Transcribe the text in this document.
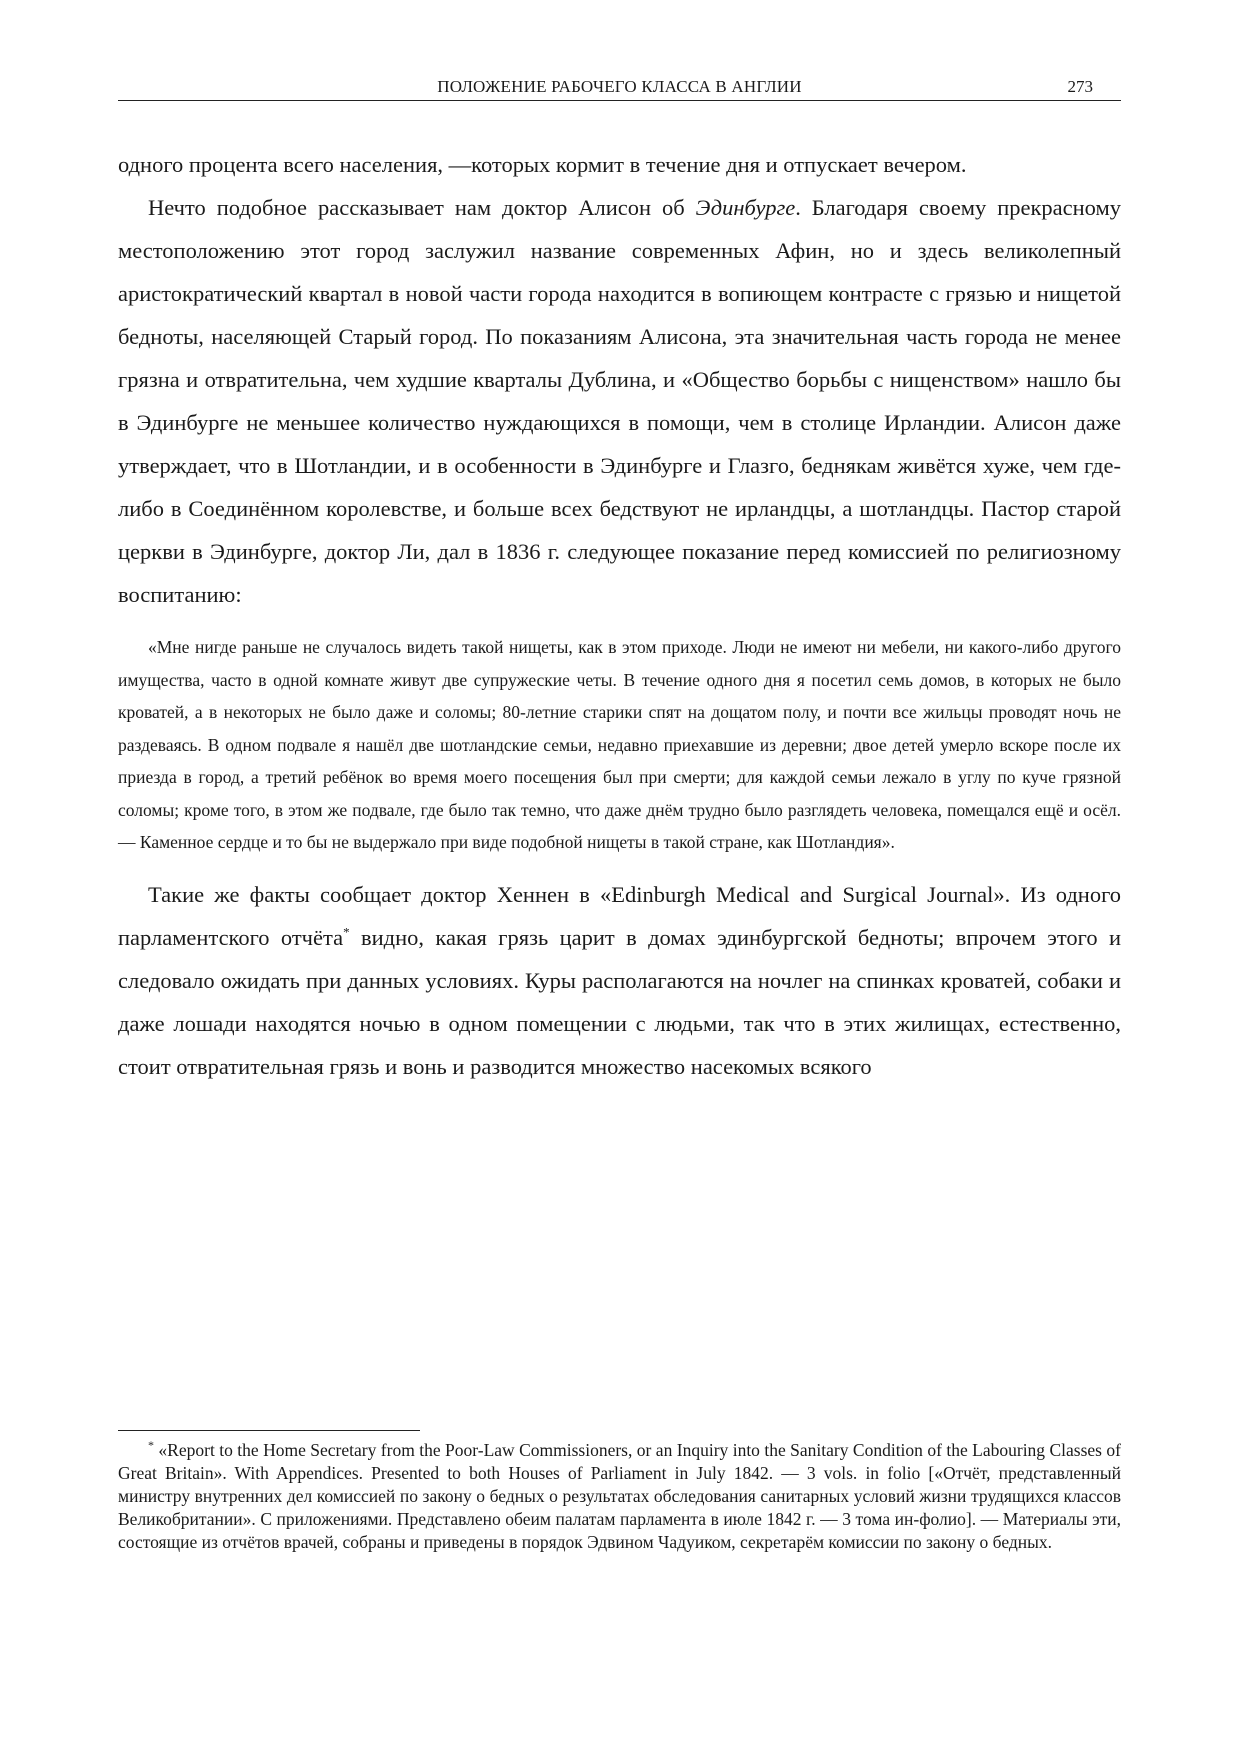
ПОЛОЖЕНИЕ РАБОЧЕГО КЛАССА В АНГЛИИ	273

одного процента всего населения, —которых кормит в течение дня и отпускает вечером.

Нечто подобное рассказывает нам доктор Алисон об Эдинбурге. Благодаря своему прекрасному местоположению этот город заслужил название современных Афин, но и здесь великолепный аристократический квартал в новой части города находится в вопиющем контрасте с грязью и нищетой бедноты, населяющей Старый город. По показаниям Алисона, эта значительная часть города не менее грязна и отвратительна, чем худшие кварталы Дублина, и «Общество борьбы с нищенством» нашло бы в Эдинбурге не меньшее количество нуждающихся в помощи, чем в столице Ирландии. Алисон даже утверждает, что в Шотландии, и в особенности в Эдинбурге и Глазго, беднякам живётся хуже, чем где-либо в Соединённом королевстве, и больше всех бедствуют не ирландцы, а шотландцы. Пастор старой церкви в Эдинбурге, доктор Ли, дал в 1836 г. следующее показание перед комиссией по религиозному воспитанию:

«Мне нигде раньше не случалось видеть такой нищеты, как в этом приходе. Люди не имеют ни мебели, ни какого-либо другого имущества, часто в одной комнате живут две супружеские четы. В течение одного дня я посетил семь домов, в которых не было кроватей, а в некоторых не было даже и соломы; 80-летние старики спят на дощатом полу, и почти все жильцы проводят ночь не раздеваясь. В одном подвале я нашёл две шотландские семьи, недавно приехавшие из деревни; двое детей умерло вскоре после их приезда в город, а третий ребёнок во время моего посещения был при смерти; для каждой семьи лежало в углу по куче грязной соломы; кроме того, в этом же подвале, где было так темно, что даже днём трудно было разглядеть человека, помещался ещё и осёл. — Каменное сердце и то бы не выдержало при виде подобной нищеты в такой стране, как Шотландия».

Такие же факты сообщает доктор Хеннен в «Edinburgh Medical and Surgical Journal». Из одного парламентского отчёта* видно, какая грязь царит в домах эдинбургской бедноты; впрочем этого и следовало ожидать при данных условиях. Куры располагаются на ночлег на спинках кроватей, собаки и даже лошади находятся ночью в одном помещении с людьми, так что в этих жилищах, естественно, стоит отвратительная грязь и вонь и разводится множество насекомых всякого

* «Report to the Home Secretary from the Poor-Law Commissioners, or an Inquiry into the Sanitary Condition of the Labouring Classes of Great Britain». With Appendices. Presented to both Houses of Parliament in July 1842. — 3 vols. in folio [«Отчёт, представленный министру внутренних дел комиссией по закону о бедных о результатах обследования санитарных условий жизни трудящихся классов Великобритании». С приложениями. Представлено обеим палатам парламента в июле 1842 г. — 3 тома ин-фолио]. — Материалы эти, состоящие из отчётов врачей, собраны и приведены в порядок Эдвином Чадуиком, секретарём комиссии по закону о бедных.
